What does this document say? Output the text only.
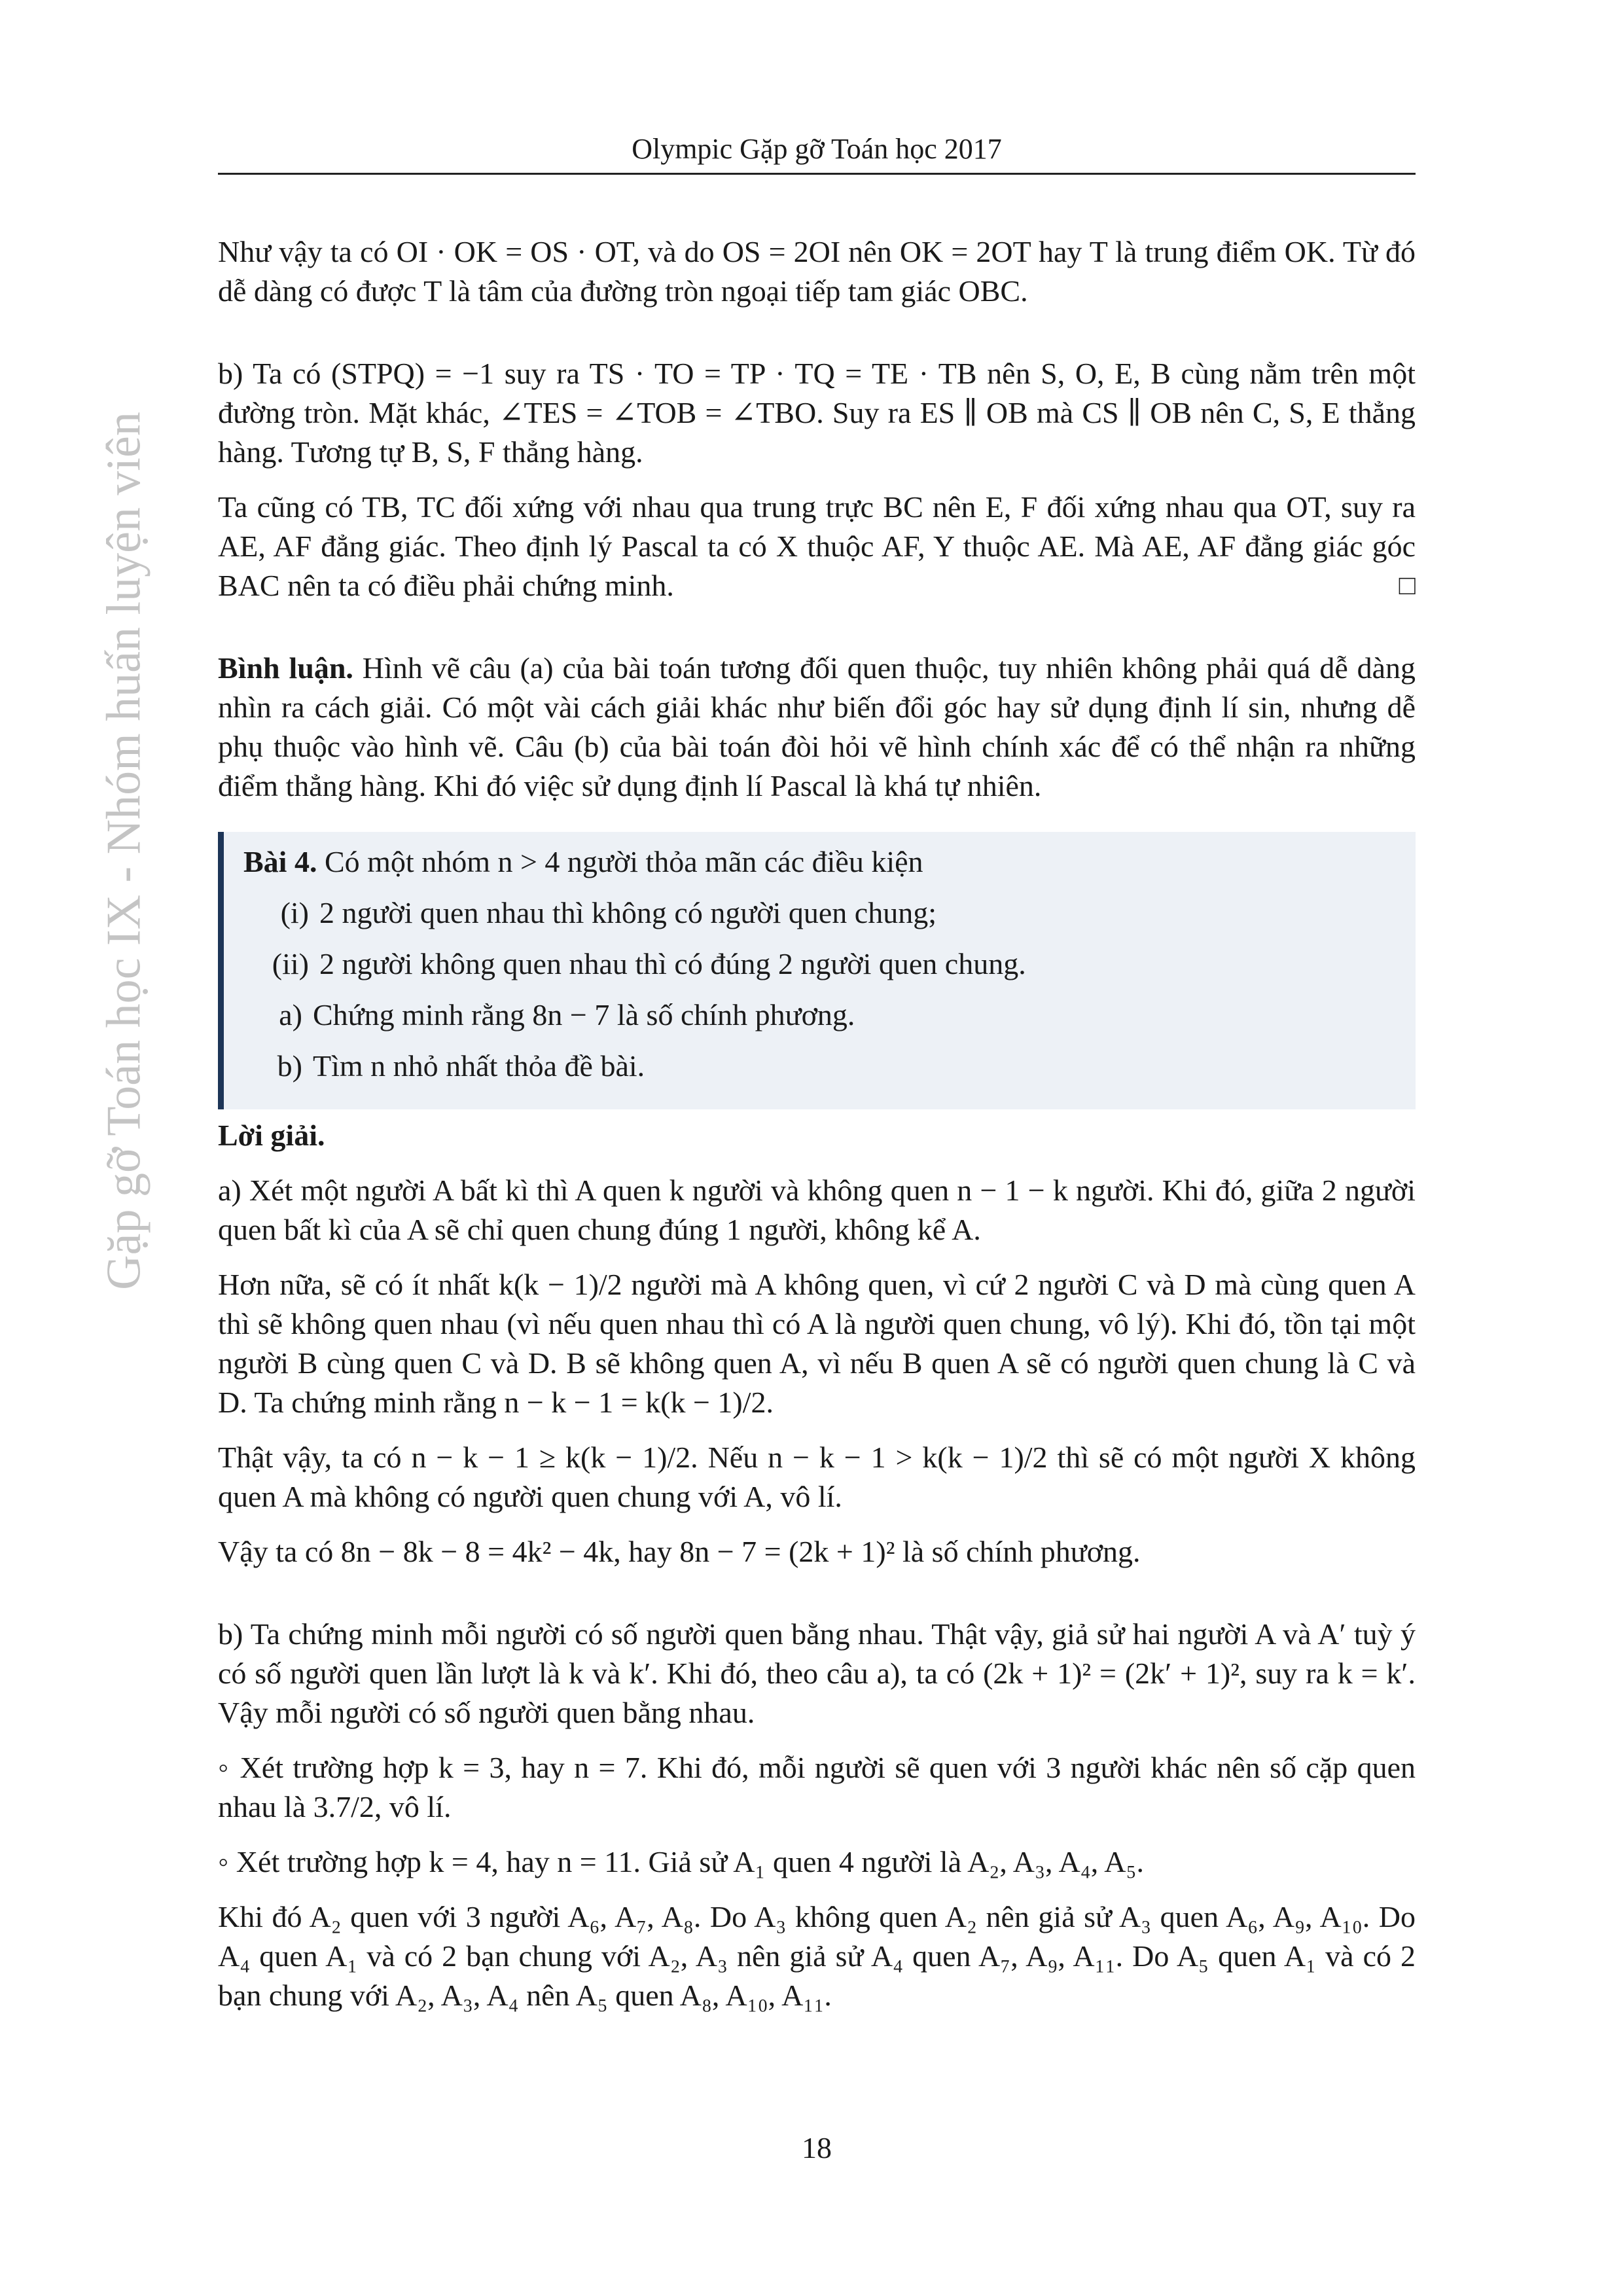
Olympic Gặp gỡ Toán học 2017
Gặp gỡ Toán học IX - Nhóm huấn luyện viên

Như vậy ta có OI · OK = OS · OT, và do OS = 2OI nên OK = 2OT hay T là trung điểm OK. Từ đó dễ dàng có được T là tâm của đường tròn ngoại tiếp tam giác OBC.

b) Ta có (STPQ) = −1 suy ra TS · TO = TP · TQ = TE · TB nên S, O, E, B cùng nằm trên một đường tròn. Mặt khác, ∠TES = ∠TOB = ∠TBO. Suy ra ES ∥ OB mà CS ∥ OB nên C, S, E thẳng hàng. Tương tự B, S, F thẳng hàng.

Ta cũng có TB, TC đối xứng với nhau qua trung trực BC nên E, F đối xứng nhau qua OT, suy ra AE, AF đẳng giác. Theo định lý Pascal ta có X thuộc AF, Y thuộc AE. Mà AE, AF đẳng giác góc BAC nên ta có điều phải chứng minh.	□

Bình luận. Hình vẽ câu (a) của bài toán tương đối quen thuộc, tuy nhiên không phải quá dễ dàng nhìn ra cách giải. Có một vài cách giải khác như biến đổi góc hay sử dụng định lí sin, nhưng dễ phụ thuộc vào hình vẽ. Câu (b) của bài toán đòi hỏi vẽ hình chính xác để có thể nhận ra những điểm thẳng hàng. Khi đó việc sử dụng định lí Pascal là khá tự nhiên.

Bài 4. Có một nhóm n > 4 người thỏa mãn các điều kiện
(i) 2 người quen nhau thì không có người quen chung;
(ii) 2 người không quen nhau thì có đúng 2 người quen chung.
a) Chứng minh rằng 8n − 7 là số chính phương.
b) Tìm n nhỏ nhất thỏa đề bài.

Lời giải.

a) Xét một người A bất kì thì A quen k người và không quen n − 1 − k người. Khi đó, giữa 2 người quen bất kì của A sẽ chỉ quen chung đúng 1 người, không kể A.

Hơn nữa, sẽ có ít nhất k(k − 1)/2 người mà A không quen, vì cứ 2 người C và D mà cùng quen A thì sẽ không quen nhau (vì nếu quen nhau thì có A là người quen chung, vô lý). Khi đó, tồn tại một người B cùng quen C và D. B sẽ không quen A, vì nếu B quen A sẽ có người quen chung là C và D. Ta chứng minh rằng n − k − 1 = k(k − 1)/2.

Thật vậy, ta có n − k − 1 ≥ k(k − 1)/2. Nếu n − k − 1 > k(k − 1)/2 thì sẽ có một người X không quen A mà không có người quen chung với A, vô lí.

Vậy ta có 8n − 8k − 8 = 4k² − 4k, hay 8n − 7 = (2k + 1)² là số chính phương.

b) Ta chứng minh mỗi người có số người quen bằng nhau. Thật vậy, giả sử hai người A và A′ tuỳ ý có số người quen lần lượt là k và k′. Khi đó, theo câu a), ta có (2k + 1)² = (2k′ + 1)², suy ra k = k′. Vậy mỗi người có số người quen bằng nhau.

◦ Xét trường hợp k = 3, hay n = 7. Khi đó, mỗi người sẽ quen với 3 người khác nên số cặp quen nhau là 3.7/2, vô lí.

◦ Xét trường hợp k = 4, hay n = 11. Giả sử A₁ quen 4 người là A₂, A₃, A₄, A₅.

Khi đó A₂ quen với 3 người A₆, A₇, A₈. Do A₃ không quen A₂ nên giả sử A₃ quen A₆, A₉, A₁₀. Do A₄ quen A₁ và có 2 bạn chung với A₂, A₃ nên giả sử A₄ quen A₇, A₉, A₁₁. Do A₅ quen A₁ và có 2 bạn chung với A₂, A₃, A₄ nên A₅ quen A₈, A₁₀, A₁₁.

18
